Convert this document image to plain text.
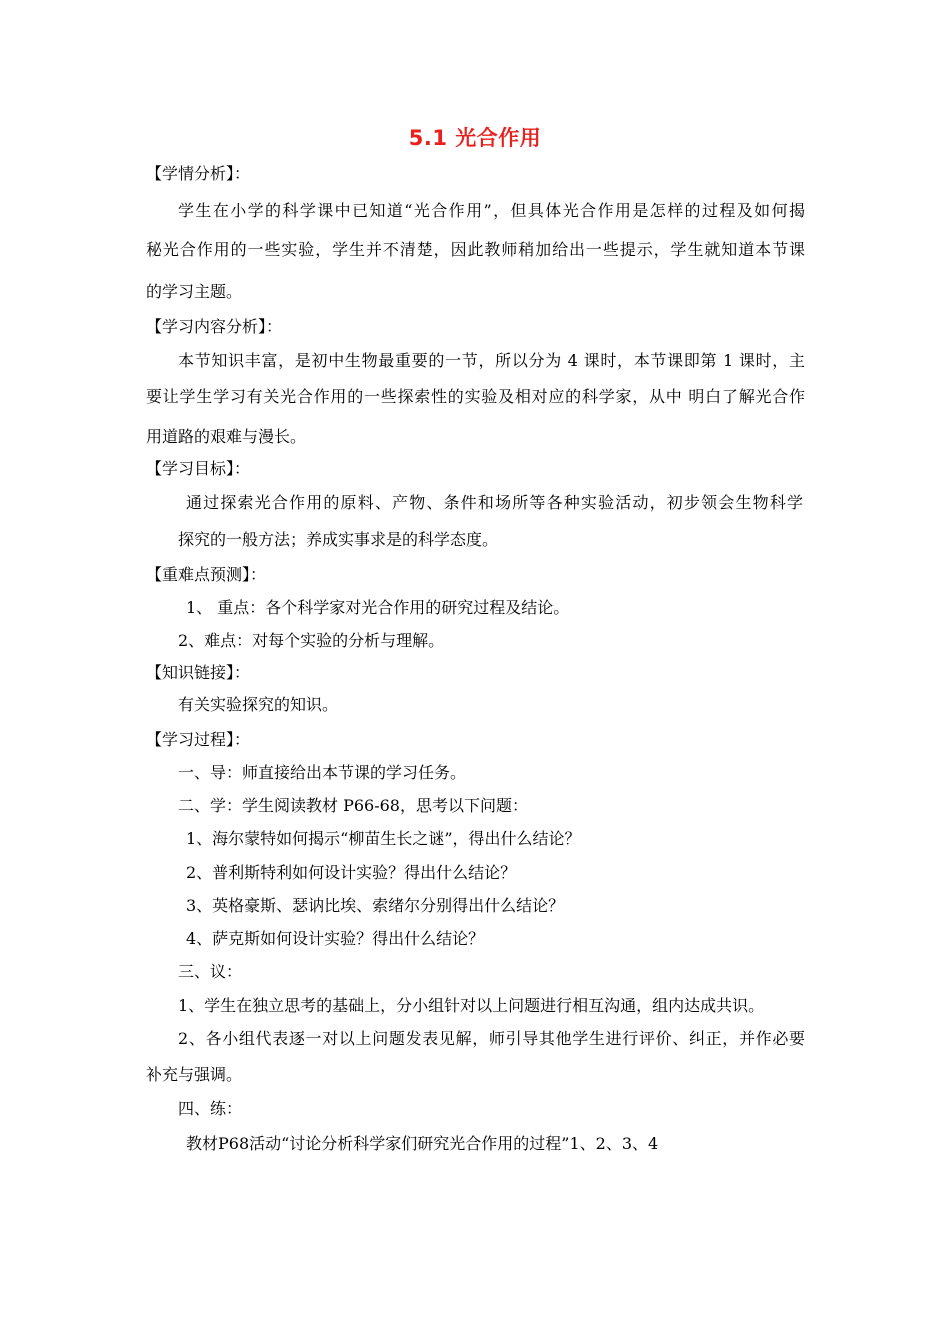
5.1 光合作用
【学情分析】：
学生在小学的科学课中已知道“光合作用”，但具体光合作用是怎样的过程及如何揭
秘光合作用的一些实验，学生并不清楚，因此教师稍加给出一些提示，学生就知道本节课
的学习主题。
【学习内容分析】：
本节知识丰富，是初中生物最重要的一节，所以分为 4 课时，本节课即第 1 课时，主
要让学生学习有关光合作用的一些探索性的实验及相对应的科学家，从中 明白了解光合作
用道路的艰难与漫长。
【学习目标】：
通过探索光合作用的原料、产物、条件和场所等各种实验活动，初步领会生物科学
探究的一般方法；养成实事求是的科学态度。
【重难点预测】：
1、 重点：各个科学家对光合作用的研究过程及结论。
2、难点：对每个实验的分析与理解。
【知识链接】：
有关实验探究的知识。
【学习过程】：
一、导：师直接给出本节课的学习任务。
二、学：学生阅读教材 P66-68，思考以下问题：
1、海尔蒙特如何揭示“柳苗生长之谜”，得出什么结论？
2、普利斯特利如何设计实验？得出什么结论？
3、英格豪斯、瑟讷比埃、索绪尔分别得出什么结论？
4、萨克斯如何设计实验？得出什么结论？
三、议：
1、学生在独立思考的基础上，分小组针对以上问题进行相互沟通，组内达成共识。
2、各小组代表逐一对以上问题发表见解，师引导其他学生进行评价、纠正，并作必要
补充与强调。
四、练：
教材P68活动“讨论分析科学家们研究光合作用的过程”1、2、3、4
